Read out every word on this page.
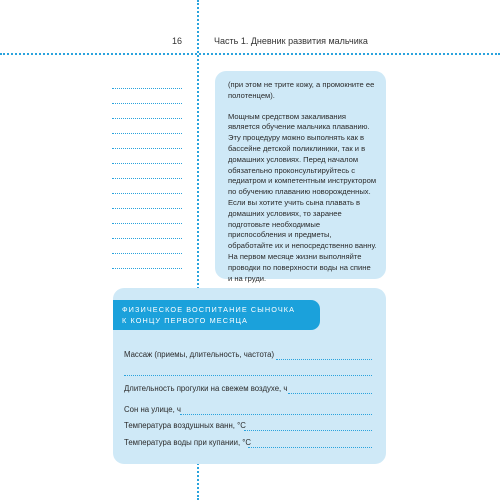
16	Часть 1. Дневник развития мальчика

(при этом не трите кожу, а промокните ее полотенцем).

Мощным средством закаливания является обучение мальчика плаванию. Эту процедуру можно выполнять как в бассейне детской поликлиники, так и в домашних условиях. Перед началом обязательно проконсультируйтесь с педиатром и компетентным инструктором по обучению плаванию новорожденных. Если вы хотите учить сына плавать в домашних условиях, то заранее подготовьте необходимые приспособления и предметы, обработайте их и непосредственно ванну. На первом месяце жизни выполняйте проводки по поверхности воды на спине и на груди.

ФИЗИЧЕСКОЕ ВОСПИТАНИЕ СЫНОЧКА
К КОНЦУ ПЕРВОГО МЕСЯЦА
Массаж (приемы, длительность, частота)
Длительность прогулки на свежем воздухе, ч
Сон на улице, ч
Температура воздушных ванн, °С
Температура воды при купании, °С
